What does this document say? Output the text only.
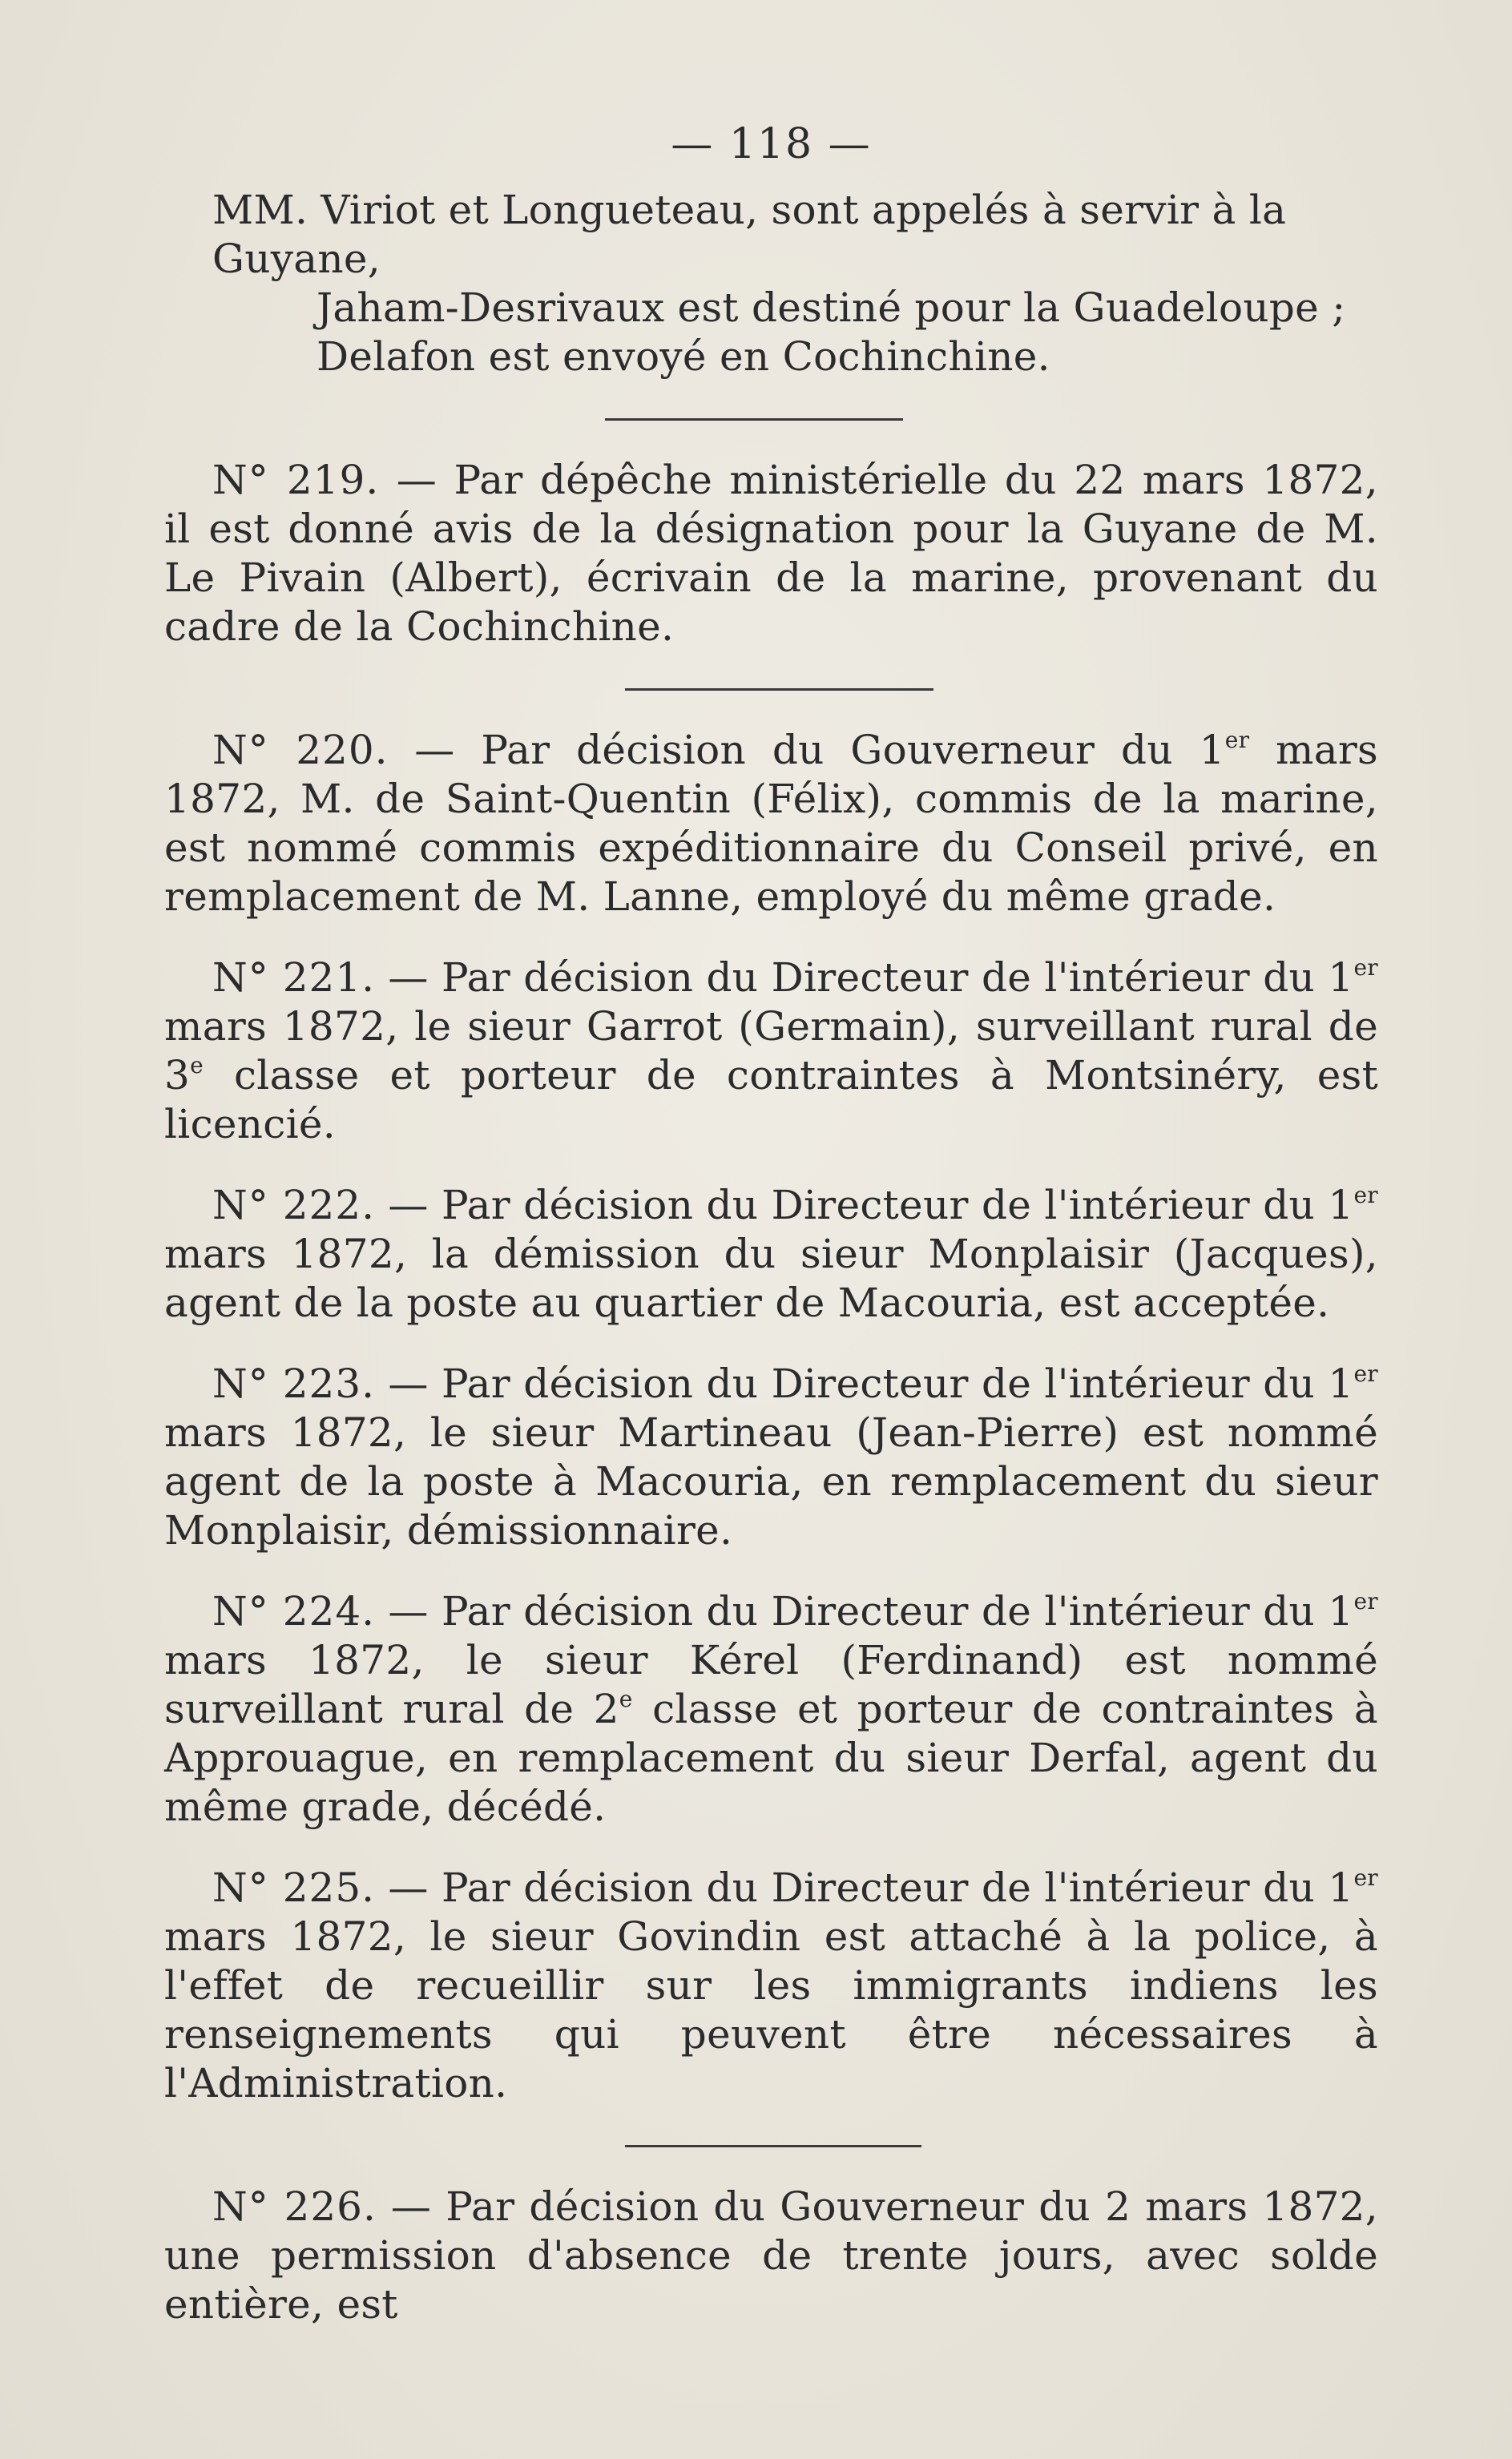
— 118 —

MM. Viriot et Longueteau, sont appelés à servir à la Guyane,
Jaham-Desrivaux est destiné pour la Guadeloupe ;
Delafon est envoyé en Cochinchine.

N° 219. — Par dépêche ministérielle du 22 mars 1872, il est donné avis de la désignation pour la Guyane de M. Le Pivain (Albert), écrivain de la marine, provenant du cadre de la Cochinchine.

N° 220. — Par décision du Gouverneur du 1er mars 1872, M. de Saint-Quentin (Félix), commis de la marine, est nommé commis expéditionnaire du Conseil privé, en remplacement de M. Lanne, employé du même grade.

N° 221. — Par décision du Directeur de l'intérieur du 1er mars 1872, le sieur Garrot (Germain), surveillant rural de 3e classe et porteur de contraintes à Montsinéry, est licencié.

N° 222. — Par décision du Directeur de l'intérieur du 1er mars 1872, la démission du sieur Monplaisir (Jacques), agent de la poste au quartier de Macouria, est acceptée.

N° 223. — Par décision du Directeur de l'intérieur du 1er mars 1872, le sieur Martineau (Jean-Pierre) est nommé agent de la poste à Macouria, en remplacement du sieur Monplaisir, démissionnaire.

N° 224. — Par décision du Directeur de l'intérieur du 1er mars 1872, le sieur Kérel (Ferdinand) est nommé surveillant rural de 2e classe et porteur de contraintes à Approuague, en remplacement du sieur Derfal, agent du même grade, décédé.

N° 225. — Par décision du Directeur de l'intérieur du 1er mars 1872, le sieur Govindin est attaché à la police, à l'effet de recueillir sur les immigrants indiens les renseignements qui peuvent être nécessaires à l'Administration.

N° 226. — Par décision du Gouverneur du 2 mars 1872, une permission d'absence de trente jours, avec solde entière, est
